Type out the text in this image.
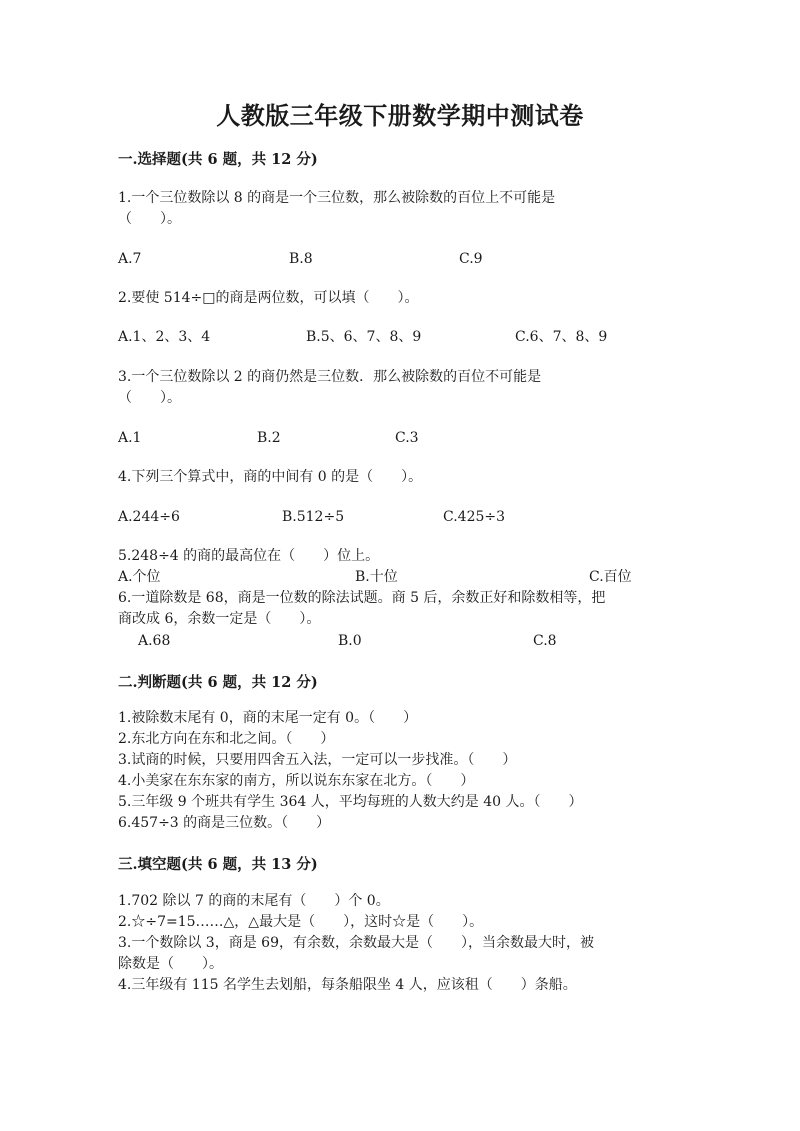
人教版三年级下册数学期中测试卷
一.选择题(共 6 题，共 12 分)
1.一个三位数除以 8 的商是一个三位数，那么被除数的百位上不可能是
（　　）。
A.7	B.8	C.9
2.要使 514÷□的商是两位数，可以填（　　）。
A.1、2、3、4	B.5、6、7、8、9	C.6、7、8、9
3.一个三位数除以 2 的商仍然是三位数．那么被除数的百位不可能是
（　　）。
A.1	B.2	C.3
4.下列三个算式中，商的中间有 0 的是（　　）。
A.244÷6	B.512÷5	C.425÷3
5.248÷4 的商的最高位在（　　）位上。
A.个位	B.十位	C.百位
6.一道除数是 68，商是一位数的除法试题。商 5 后，余数正好和除数相等，把
商改成 6，余数一定是（　　）。
A.68	B.0	C.8
二.判断题(共 6 题，共 12 分)
1.被除数末尾有 0，商的末尾一定有 0。（　　）
2.东北方向在东和北之间。（　　）
3.试商的时候，只要用四舍五入法，一定可以一步找准。（　　）
4.小美家在东东家的南方，所以说东东家在北方。（　　）
5.三年级 9 个班共有学生 364 人，平均每班的人数大约是 40 人。（　　）
6.457÷3 的商是三位数。（　　）
三.填空题(共 6 题，共 13 分)
1.702 除以 7 的商的末尾有（　　）个 0。
2.☆÷7=15……△，△最大是（　　），这时☆是（　　）。
3.一个数除以 3，商是 69，有余数，余数最大是（　　），当余数最大时，被
除数是（　　）。
4.三年级有 115 名学生去划船，每条船限坐 4 人，应该租（　　）条船。
